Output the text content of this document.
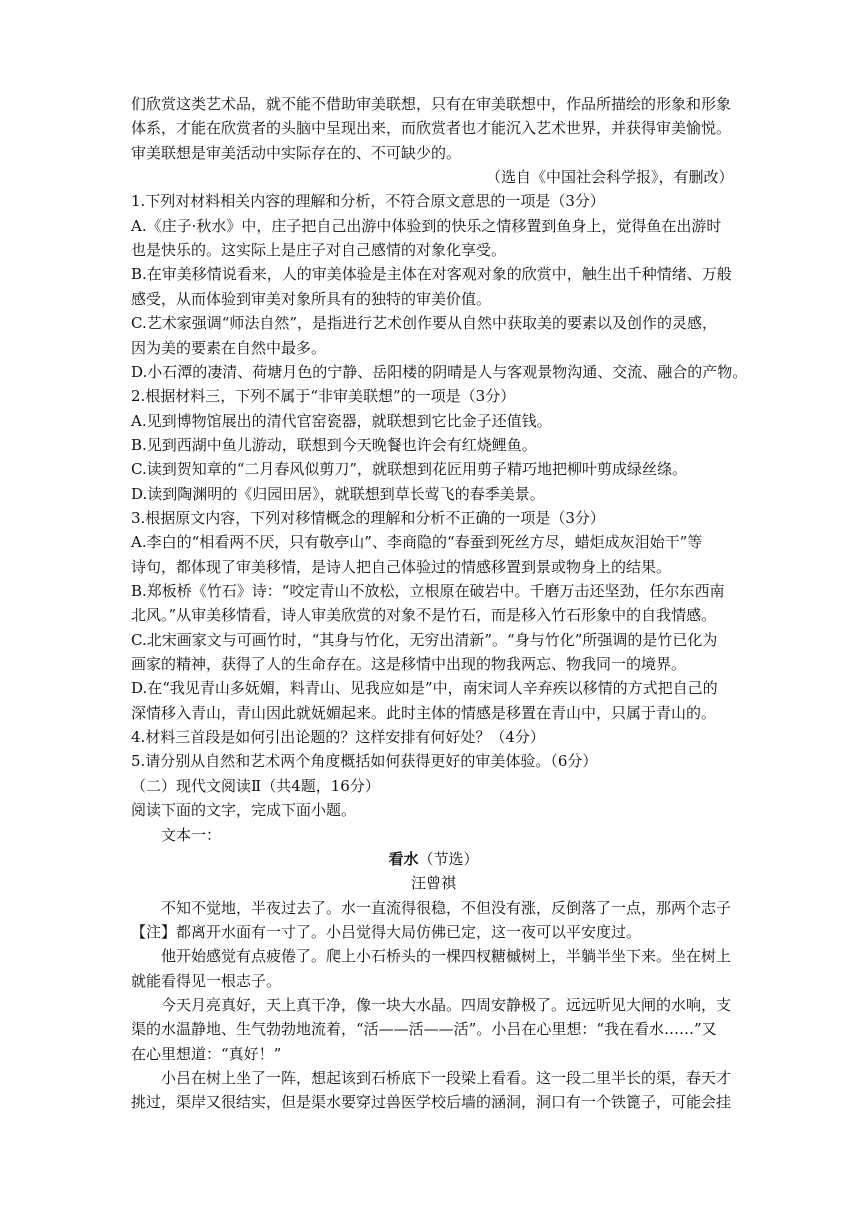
们欣赏这类艺术品，就不能不借助审美联想，只有在审美联想中，作品所描绘的形象和形象
体系，才能在欣赏者的头脑中呈现出来，而欣赏者也才能沉入艺术世界，并获得审美愉悦。
审美联想是审美活动中实际存在的、不可缺少的。
（选自《中国社会科学报》，有删改）
1.下列对材料相关内容的理解和分析，不符合原文意思的一项是（3分）
A.《庄子·秋水》中，庄子把自己出游中体验到的快乐之情移置到鱼身上，觉得鱼在出游时
也是快乐的。这实际上是庄子对自己感情的对象化享受。
B.在审美移情说看来，人的审美体验是主体在对客观对象的欣赏中，触生出千种情绪、万般
感受，从而体验到审美对象所具有的独特的审美价值。
C.艺术家强调“师法自然”，是指进行艺术创作要从自然中获取美的要素以及创作的灵感，
因为美的要素在自然中最多。
D.小石潭的凄清、荷塘月色的宁静、岳阳楼的阴晴是人与客观景物沟通、交流、融合的产物。
2.根据材料三，下列不属于“非审美联想”的一项是（3分）
A.见到博物馆展出的清代官窑瓷器，就联想到它比金子还值钱。
B.见到西湖中鱼儿游动，联想到今天晚餐也许会有红烧鲤鱼。
C.读到贺知章的“二月春风似剪刀”，就联想到花匠用剪子精巧地把柳叶剪成绿丝绦。
D.读到陶渊明的《归园田居》，就联想到草长莺飞的春季美景。
3.根据原文内容，下列对移情概念的理解和分析不正确的一项是（3分）
A.李白的“相看两不厌，只有敬亭山”、李商隐的“春蚕到死丝方尽，蜡炬成灰泪始干”等
诗句，都体现了审美移情，是诗人把自己体验过的情感移置到景或物身上的结果。
B.郑板桥《竹石》诗：“咬定青山不放松，立根原在破岩中。千磨万击还坚劲，任尔东西南
北风。”从审美移情看，诗人审美欣赏的对象不是竹石，而是移入竹石形象中的自我情感。
C.北宋画家文与可画竹时，“其身与竹化，无穷出清新”。“身与竹化”所强调的是竹已化为
画家的精神，获得了人的生命存在。这是移情中出现的物我两忘、物我同一的境界。
D.在“我见青山多妩媚，料青山、见我应如是”中，南宋词人辛弃疾以移情的方式把自己的
深情移入青山，青山因此就妩媚起来。此时主体的情感是移置在青山中，只属于青山的。
4.材料三首段是如何引出论题的？这样安排有何好处？（4分）
5.请分别从自然和艺术两个角度概括如何获得更好的审美体验。（6分）
（二）现代文阅读Ⅱ（共4题，16分）
阅读下面的文字，完成下面小题。
文本一：
看水（节选）
汪曾祺
不知不觉地，半夜过去了。水一直流得很稳，不但没有涨，反倒落了一点，那两个志子
【注】都离开水面有一寸了。小吕觉得大局仿佛已定，这一夜可以平安度过。
他开始感觉有点疲倦了。爬上小石桥头的一棵四杈糖槭树上，半躺半坐下来。坐在树上
就能看得见一根志子。
今天月亮真好，天上真干净，像一块大水晶。四周安静极了。远远听见大闸的水响，支
渠的水温静地、生气勃勃地流着，“活——活——活”。小吕在心里想：“我在看水……”又
在心里想道：“真好！”
小吕在树上坐了一阵，想起该到石桥底下一段梁上看看。这一段二里半长的渠，春天才
挑过，渠岸又很结实，但是渠水要穿过兽医学校后墙的涵洞，洞口有一个铁篦子，可能会挂
